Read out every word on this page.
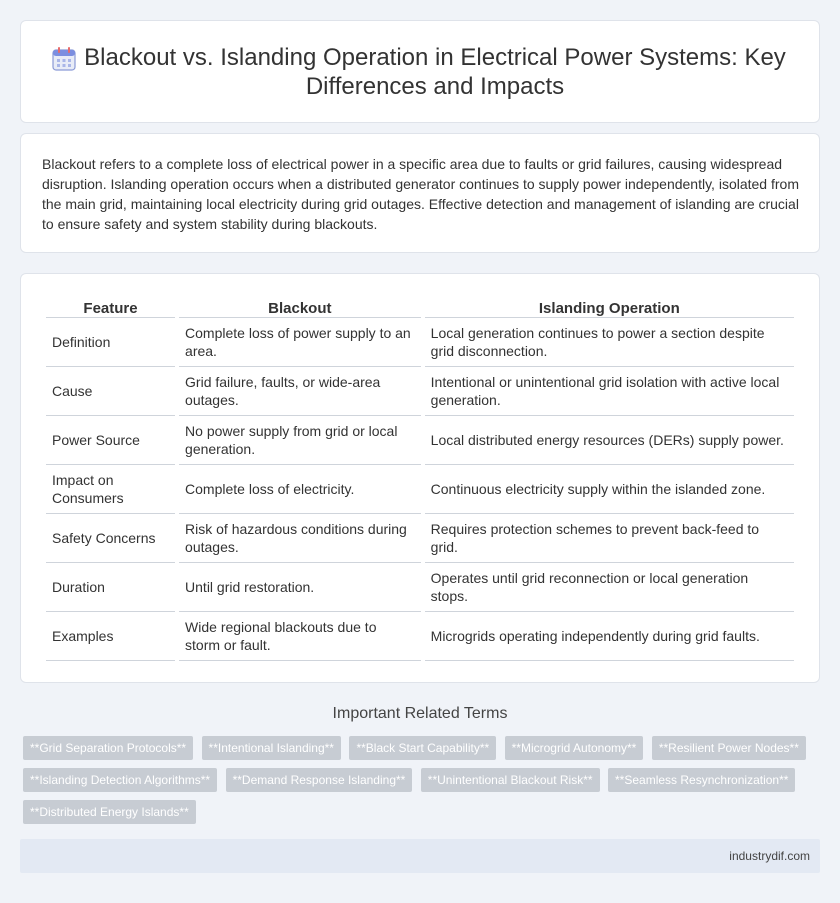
Blackout vs. Islanding Operation in Electrical Power Systems: Key Differences and Impacts

Blackout refers to a complete loss of electrical power in a specific area due to faults or grid failures, causing widespread disruption. Islanding operation occurs when a distributed generator continues to supply power independently, isolated from the main grid, maintaining local electricity during grid outages. Effective detection and management of islanding are crucial to ensure safety and system stability during blackouts.

Feature	Blackout	Islanding Operation
Definition	Complete loss of power supply to an area.	Local generation continues to power a section despite grid disconnection.
Cause	Grid failure, faults, or wide-area outages.	Intentional or unintentional grid isolation with active local generation.
Power Source	No power supply from grid or local generation.	Local distributed energy resources (DERs) supply power.
Impact on Consumers	Complete loss of electricity.	Continuous electricity supply within the islanded zone.
Safety Concerns	Risk of hazardous conditions during outages.	Requires protection schemes to prevent back-feed to grid.
Duration	Until grid restoration.	Operates until grid reconnection or local generation stops.
Examples	Wide regional blackouts due to storm or fault.	Microgrids operating independently during grid faults.
Important Related Terms
**Grid Separation Protocols** **Intentional Islanding** **Black Start Capability** **Microgrid Autonomy** **Resilient Power Nodes** **Islanding Detection Algorithms** **Demand Response Islanding** **Unintentional Blackout Risk** **Seamless Resynchronization** **Distributed Energy Islands**
industrydif.com
